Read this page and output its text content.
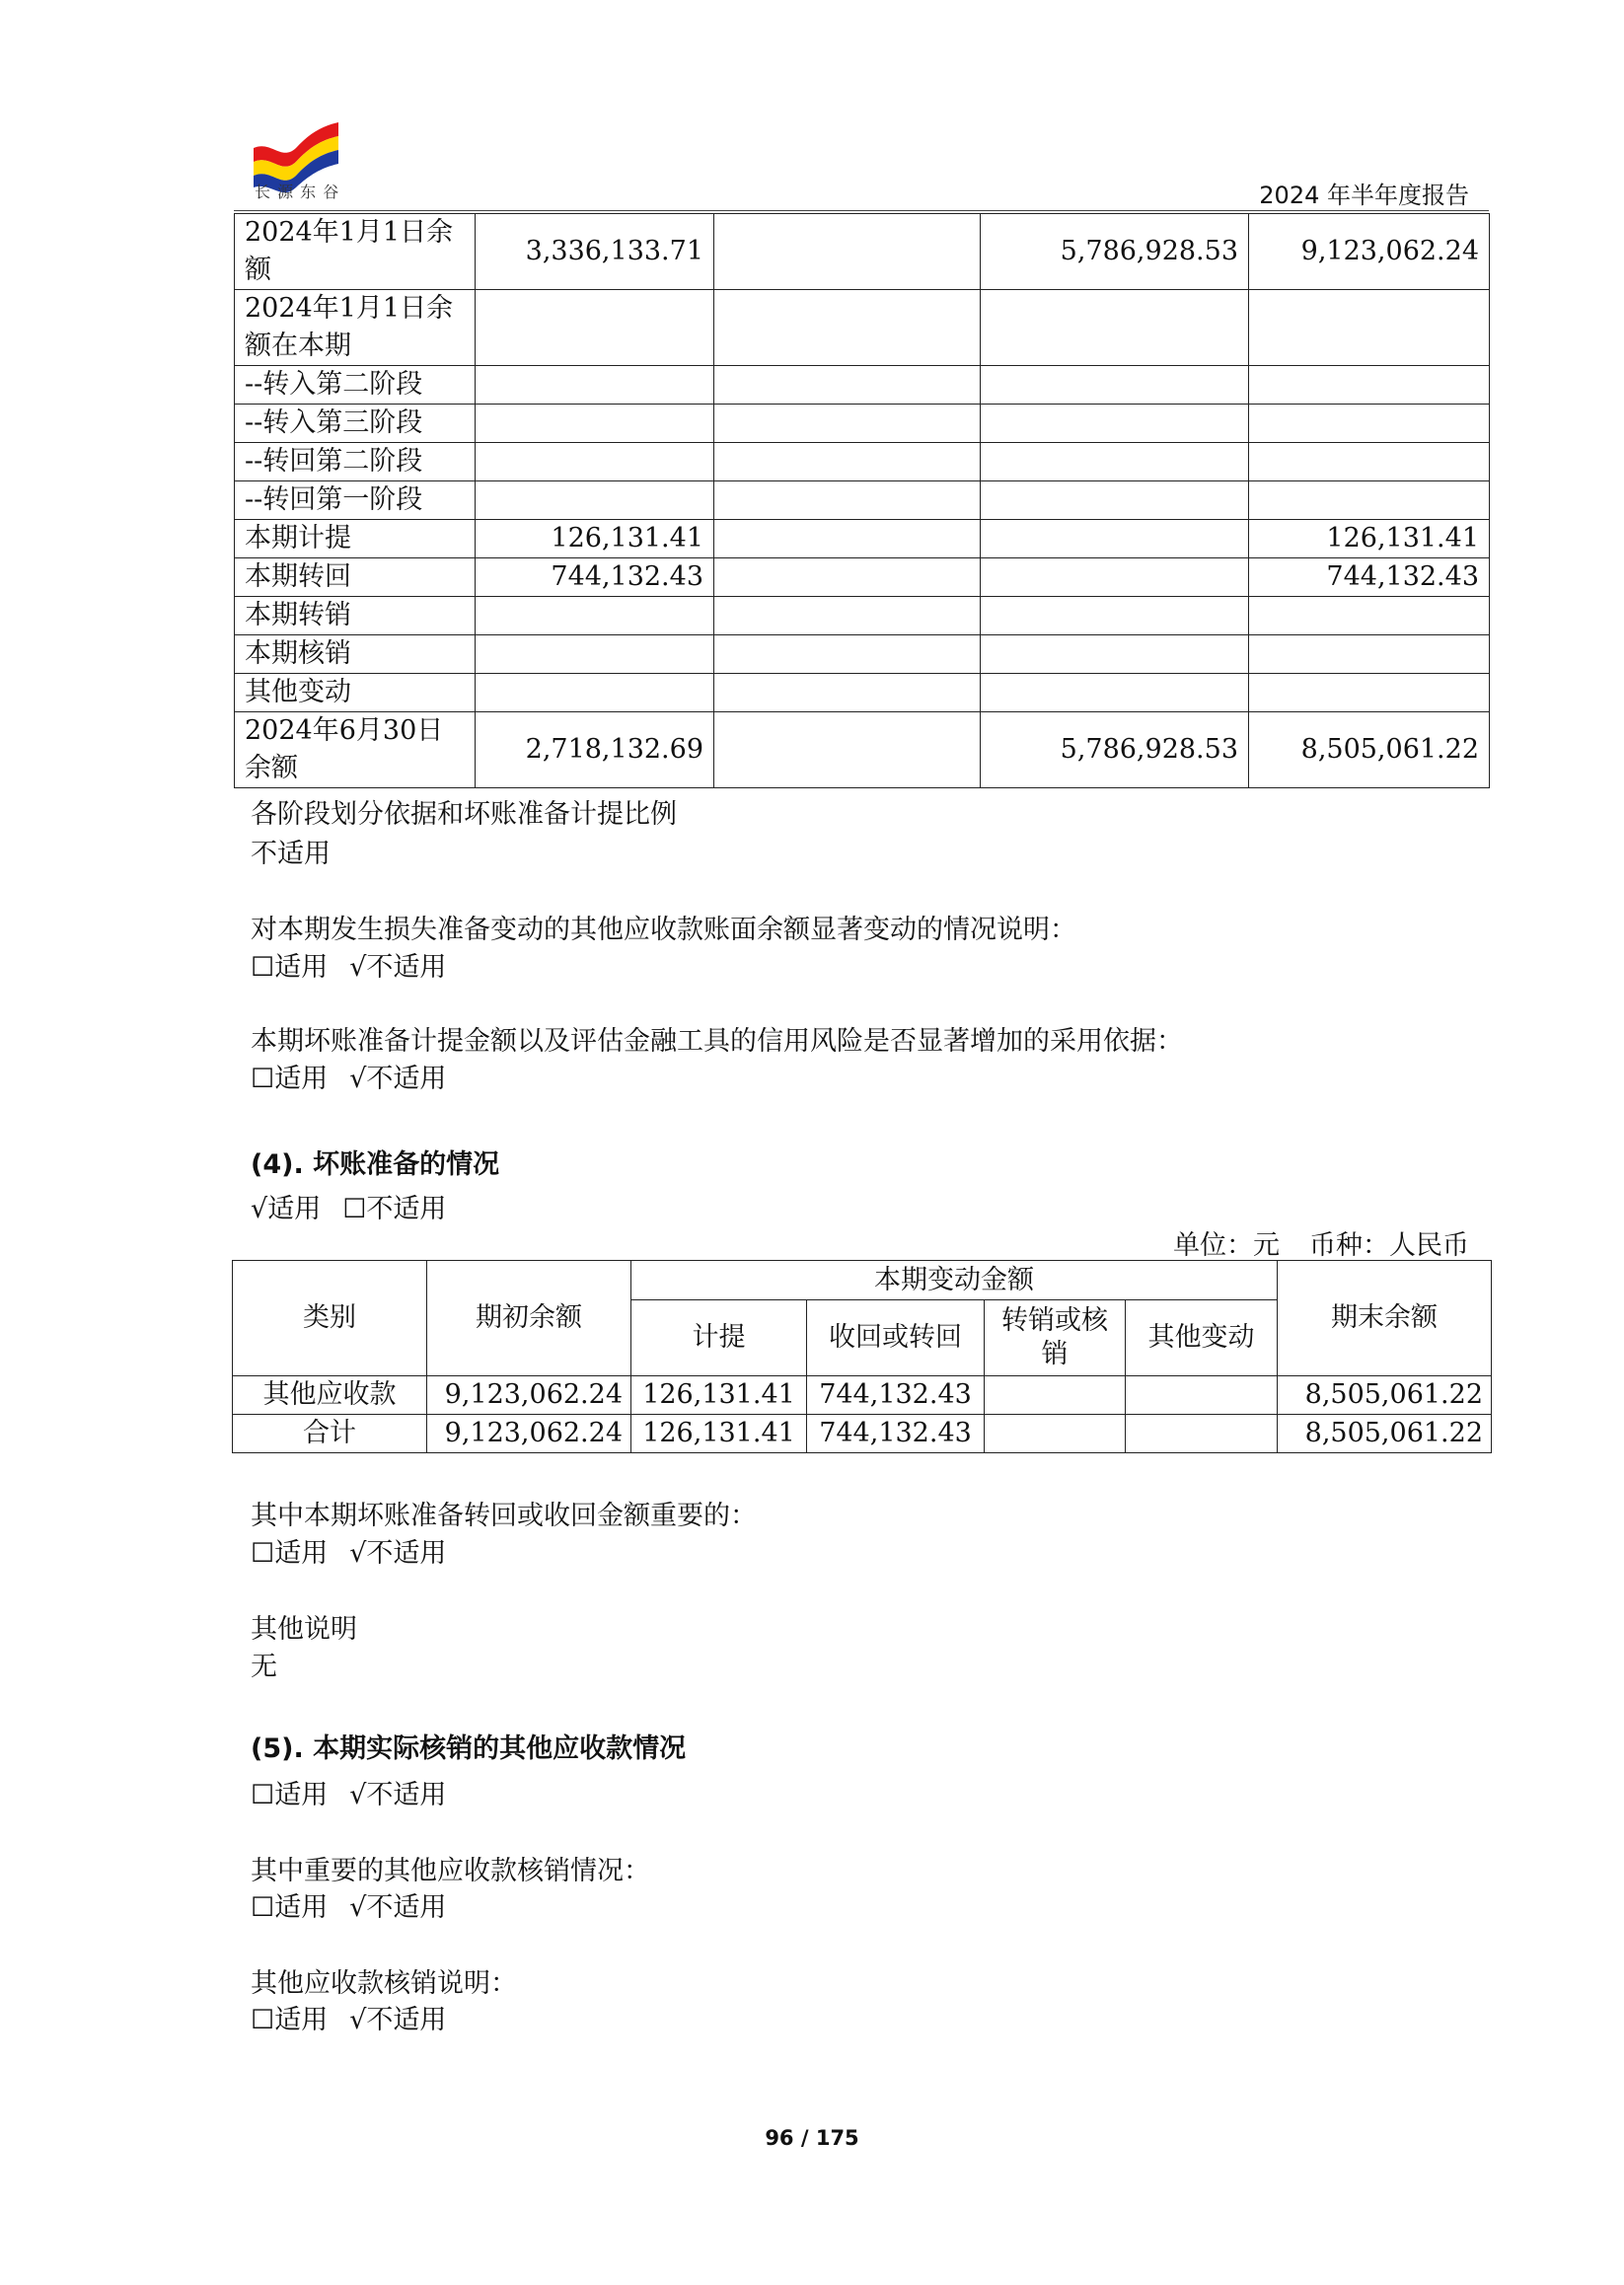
长 源 东 谷	2024 年半年度报告
2024年1月1日余额	3,336,133.71		5,786,928.53	9,123,062.24
2024年1月1日余额在本期				
--转入第二阶段				
--转入第三阶段				
--转回第二阶段				
--转回第一阶段				
本期计提	126,131.41			126,131.41
本期转回	744,132.43			744,132.43
本期转销				
本期核销				
其他变动				
2024年6月30日余额	2,718,132.69		5,786,928.53	8,505,061.22
各阶段划分依据和坏账准备计提比例
不适用
对本期发生损失准备变动的其他应收款账面余额显著变动的情况说明：
☐适用 √不适用
本期坏账准备计提金额以及评估金融工具的信用风险是否显著增加的采用依据：
☐适用 √不适用
(4). 坏账准备的情况
√适用 ☐不适用
单位：元 币种：人民币
类别	期初余额	本期变动金额				期末余额
		计提	收回或转回	转销或核销	其他变动	
其他应收款	9,123,062.24	126,131.41	744,132.43			8,505,061.22
合计	9,123,062.24	126,131.41	744,132.43			8,505,061.22
其中本期坏账准备转回或收回金额重要的：
☐适用 √不适用
其他说明
无
(5). 本期实际核销的其他应收款情况
☐适用 √不适用
其中重要的其他应收款核销情况：
☐适用 √不适用
其他应收款核销说明：
☐适用 √不适用
96 / 175
